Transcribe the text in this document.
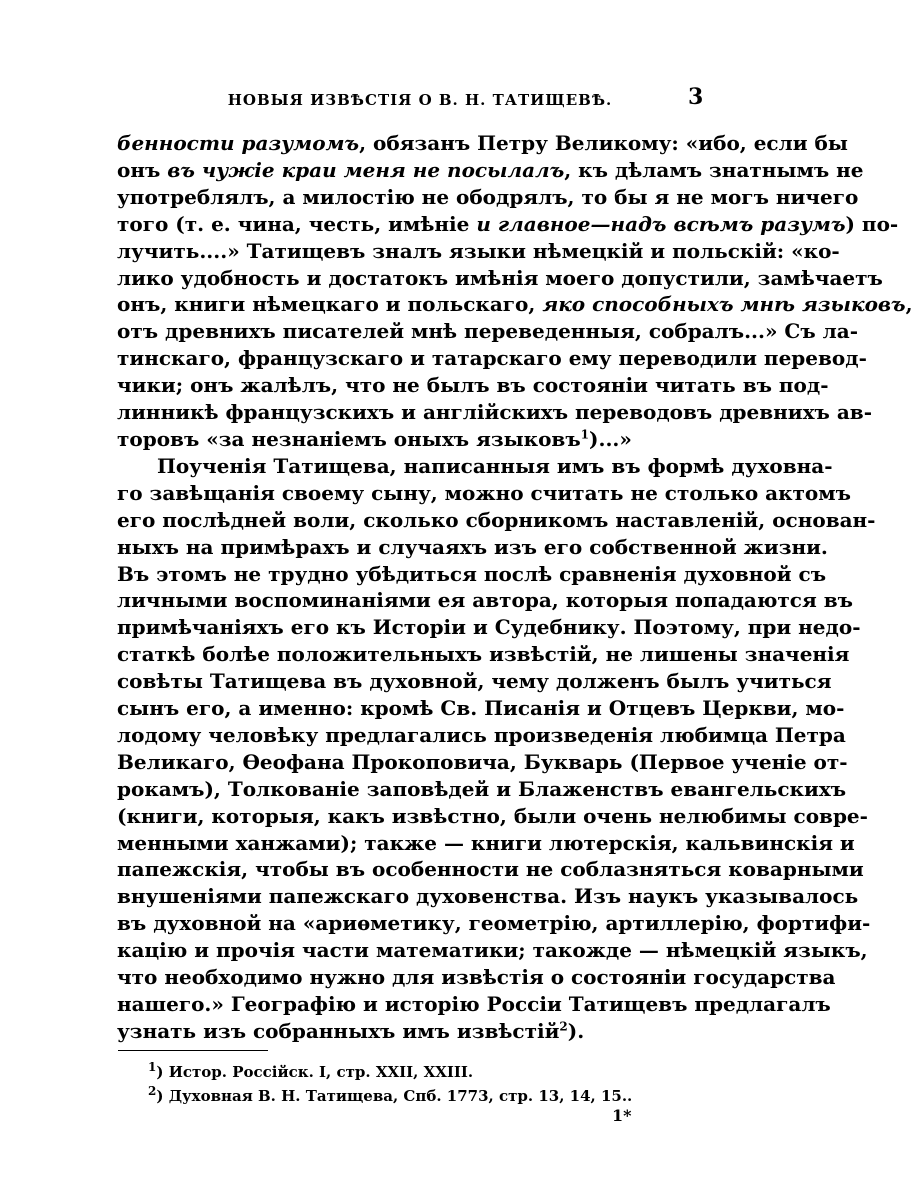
НОВЫЯ ИЗВѢСТІЯ О В. Н. ТАТИЩЕВѢ.	3
беннoсти разумомъ, обязанъ Петру Великому: «ибо, если бы
онъ въ чужіе краи меня не посылалъ, къ дѣламъ знатнымъ не
употреблялъ, а милостію не ободрялъ, то бы я не могъ ничего
того (т. е. чина, честь, имѣніе и главное—надъ всѣмъ разумъ) по-
лучить....» Татищевъ зналъ языки нѣмецкій и польскій: «ко-
лико удобность и достатокъ имѣнія моего допустили, замѣчаетъ
онъ, книги нѣмецкаго и польскаго, яко способныхъ мнѣ языковъ,
отъ древнихъ писателей мнѣ переведенныя, собралъ...» Съ ла-
тинскаго, французскаго и татарскаго ему переводили перевод-
чики; онъ жалѣлъ, что не былъ въ состояніи читать въ под-
линникѣ французскихъ и англійскихъ переводовъ древнихъ ав-
торовъ «за незнаніемъ оныхъ языковъ$^1$)...»
Поученія Татищева, написанныя имъ въ формѣ духовна-
го завѣщанія своему сыну, можно считать не столько актомъ
его послѣдней воли, сколько сборникомъ наставленій, основан-
ныхъ на примѣрахъ и случаяхъ изъ его собственной жизни.
Въ этомъ не трудно убѣдиться послѣ сравненія духовной съ
личными воспоминаніями ея автора, которыя попадаются въ
примѣчаніяхъ его къ Исторіи и Судебнику. Поэтому, при недо-
статкѣ болѣе положительныхъ извѣстій, не лишены значенія
совѣты Татищева въ духовной, чему долженъ былъ учиться
сынъ его, а именно: кромѣ Св. Писанія и Отцевъ Церкви, мо-
лодому человѣку предлагались произведенія любимца Петра
Великаго, Ѳеофана Прокоповича, Букварь (Первое ученіе от-
рокамъ), Толкованіе заповѣдей и Блаженствъ евангельскихъ
(книги, которыя, какъ извѣстно, были очень нелюбимы совре-
менными ханжами); также — книги лютерскія, кальвинскія и
папежскія, чтобы въ особенности не соблазняться коварными
внушеніями папежскаго духовенства. Изъ наукъ указывалось
въ духовной на «ариѳметику, геометрію, артиллерію, фортифи-
кацію и прочія части математики; такожде — нѣмецкій языкъ,
что необходимо нужно для извѣстія о состояніи государства
нашего.» Географію и исторію Россіи Татищевъ предлагалъ
узнать изъ собранныхъ имъ извѣстій$^2$).
$^1$) Истор. Россійск. I, стр. XXII, XXIII.
$^2$) Духовная В. Н. Татищева, Спб. 1773, стр. 13, 14, 15..
1*
